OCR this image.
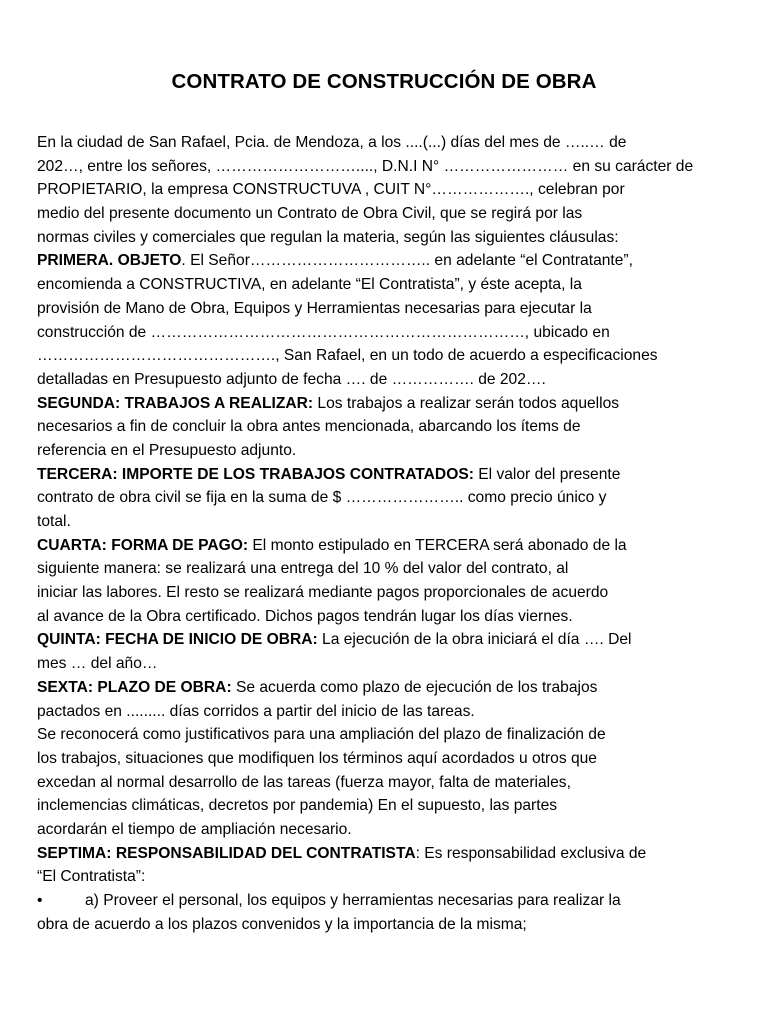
CONTRATO DE CONSTRUCCIÓN DE OBRA
En la ciudad de San Rafael, Pcia. de Mendoza, a los ....(...) días del mes de …..… de
202…, entre los señores, ………………………...., D.N.I N° …………………… en su carácter de
PROPIETARIO, la empresa CONSTRUCTUVA , CUIT N°………………., celebran por
medio del presente documento un Contrato de Obra Civil, que se regirá por las
normas civiles y comerciales que regulan la materia, según las siguientes cláusulas:
PRIMERA. OBJETO. El Señor…………………………….. en adelante “el Contratante”,
encomienda a CONSTRUCTIVA, en adelante “El Contratista”, y éste acepta, la
provisión de Mano de Obra, Equipos y Herramientas necesarias para ejecutar la
construcción de ………………………………………………………………, ubicado en
………………………………………., San Rafael, en un todo de acuerdo a especificaciones
detalladas en Presupuesto adjunto de fecha …. de ……………. de 202….
SEGUNDA: TRABAJOS A REALIZAR: Los trabajos a realizar serán todos aquellos
necesarios a fin de concluir la obra antes mencionada, abarcando los ítems de
referencia en el Presupuesto adjunto.
TERCERA: IMPORTE DE LOS TRABAJOS CONTRATADOS: El valor del presente
contrato de obra civil se fija en la suma de $ ………………….. como precio único y
total.
CUARTA: FORMA DE PAGO: El monto estipulado en TERCERA será abonado de la
siguiente manera: se realizará una entrega del 10 % del valor del contrato, al
iniciar las labores. El resto se realizará mediante pagos proporcionales de acuerdo
al avance de la Obra certificado. Dichos pagos tendrán lugar los días viernes.
QUINTA: FECHA DE INICIO DE OBRA: La ejecución de la obra iniciará el día …. Del
mes … del año…
SEXTA: PLAZO DE OBRA: Se acuerda como plazo de ejecución de los trabajos
pactados en ......... días corridos a partir del inicio de las tareas.
Se reconocerá como justificativos para una ampliación del plazo de finalización de
los trabajos, situaciones que modifiquen los términos aquí acordados u otros que
excedan al normal desarrollo de las tareas (fuerza mayor, falta de materiales,
inclemencias climáticas, decretos por pandemia) En el supuesto, las partes
acordarán el tiempo de ampliación necesario.
SEPTIMA: RESPONSABILIDAD DEL CONTRATISTA: Es responsabilidad exclusiva de
“El Contratista”:
•	a) Proveer el personal, los equipos y herramientas necesarias para realizar la
obra de acuerdo a los plazos convenidos y la importancia de la misma;
